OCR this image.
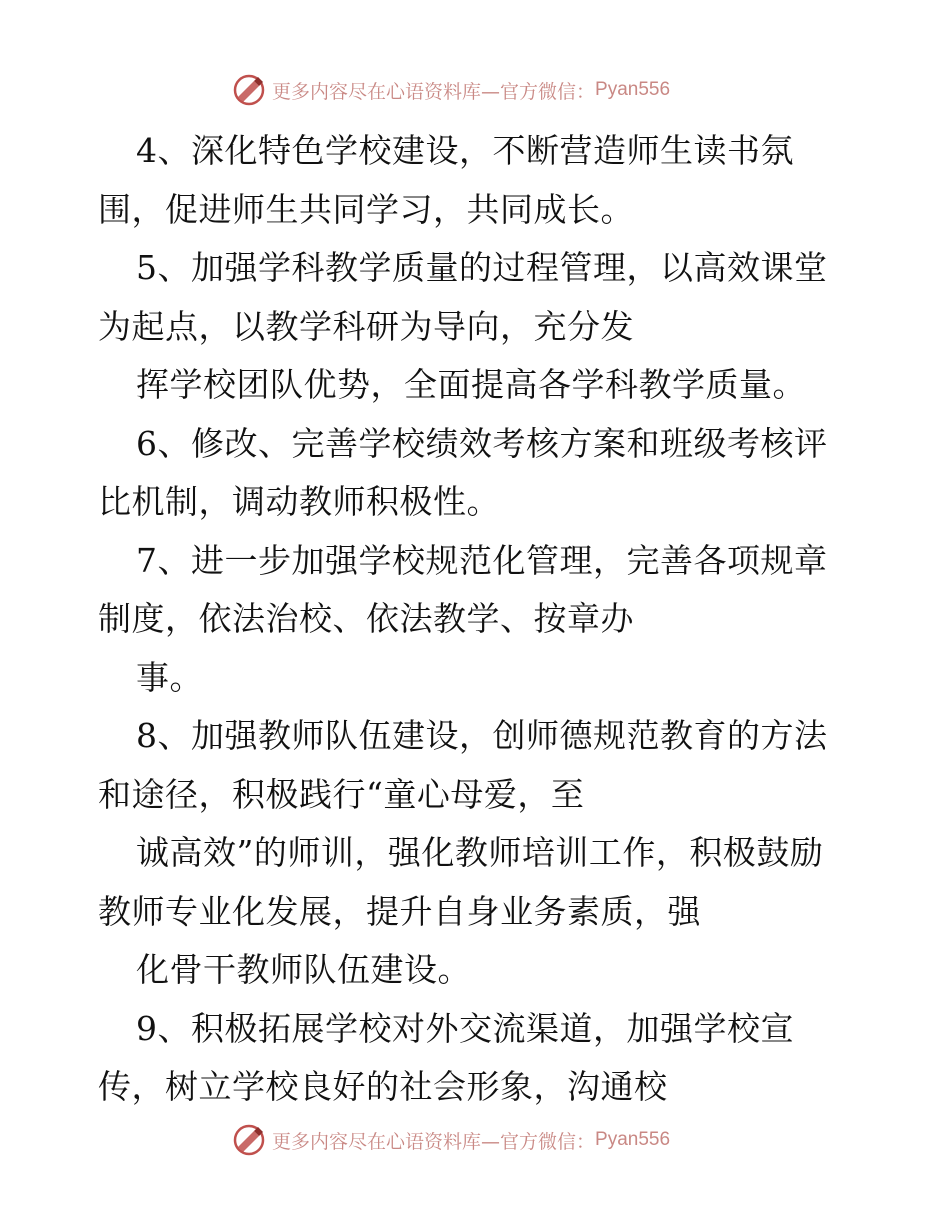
更多内容尽在心语资料库—官方微信： Pyan556
4、深化特色学校建设，不断营造师生读书氛
围，促进师生共同学习，共同成长。
5、加强学科教学质量的过程管理，以高效课堂
为起点，以教学科研为导向，充分发
挥学校团队优势，全面提高各学科教学质量。
6、修改、完善学校绩效考核方案和班级考核评
比机制，调动教师积极性。
7、进一步加强学校规范化管理，完善各项规章
制度，依法治校、依法教学、按章办
事。
8、加强教师队伍建设，创师德规范教育的方法
和途径，积极践行“童心母爱，至
诚高效”的师训，强化教师培训工作，积极鼓励
教师专业化发展，提升自身业务素质，强
化骨干教师队伍建设。
9、积极拓展学校对外交流渠道，加强学校宣
传，树立学校良好的社会形象，沟通校
更多内容尽在心语资料库—官方微信： Pyan556
